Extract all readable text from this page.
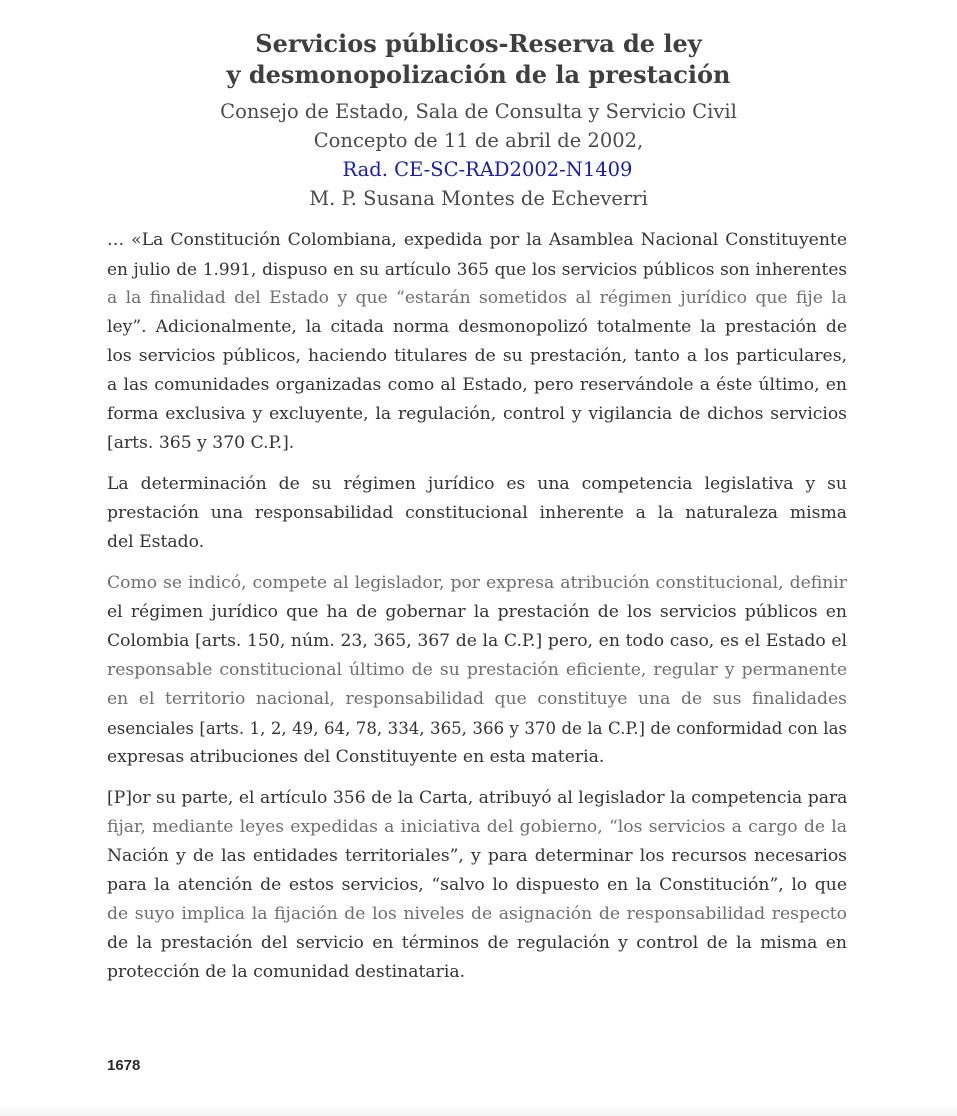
Servicios públicos-Reserva de ley
y desmonopolización de la prestación
Consejo de Estado, Sala de Consulta y Servicio Civil
Concepto de 11 de abril de 2002,
Rad. CE-SC-RAD2002-N1409
M. P. Susana Montes de Echeverri

… «La Constitución Colombiana, expedida por la Asamblea Nacional Constituyente
en julio de 1.991, dispuso en su artículo 365 que los servicios públicos son inherentes
a la finalidad del Estado y que “estarán sometidos al régimen jurídico que fije la
ley”. Adicionalmente, la citada norma desmonopolizó totalmente la prestación de
los servicios públicos, haciendo titulares de su prestación, tanto a los particulares,
a las comunidades organizadas como al Estado, pero reservándole a éste último, en
forma exclusiva y excluyente, la regulación, control y vigilancia de dichos servicios
[arts. 365 y 370 C.P.].

La determinación de su régimen jurídico es una competencia legislativa y su
prestación una responsabilidad constitucional inherente a la naturaleza misma
del Estado.

Como se indicó, compete al legislador, por expresa atribución constitucional, definir
el régimen jurídico que ha de gobernar la prestación de los servicios públicos en
Colombia [arts. 150, núm. 23, 365, 367 de la C.P.] pero, en todo caso, es el Estado el
responsable constitucional último de su prestación eficiente, regular y permanente
en el territorio nacional, responsabilidad que constituye una de sus finalidades
esenciales [arts. 1, 2, 49, 64, 78, 334, 365, 366 y 370 de la C.P.] de conformidad con las
expresas atribuciones del Constituyente en esta materia.

[P]or su parte, el artículo 356 de la Carta, atribuyó al legislador la competencia para
fijar, mediante leyes expedidas a iniciativa del gobierno, “los servicios a cargo de la
Nación y de las entidades territoriales”, y para determinar los recursos necesarios
para la atención de estos servicios, “salvo lo dispuesto en la Constitución”, lo que
de suyo implica la fijación de los niveles de asignación de responsabilidad respecto
de la prestación del servicio en términos de regulación y control de la misma en
protección de la comunidad destinataria.

1678
